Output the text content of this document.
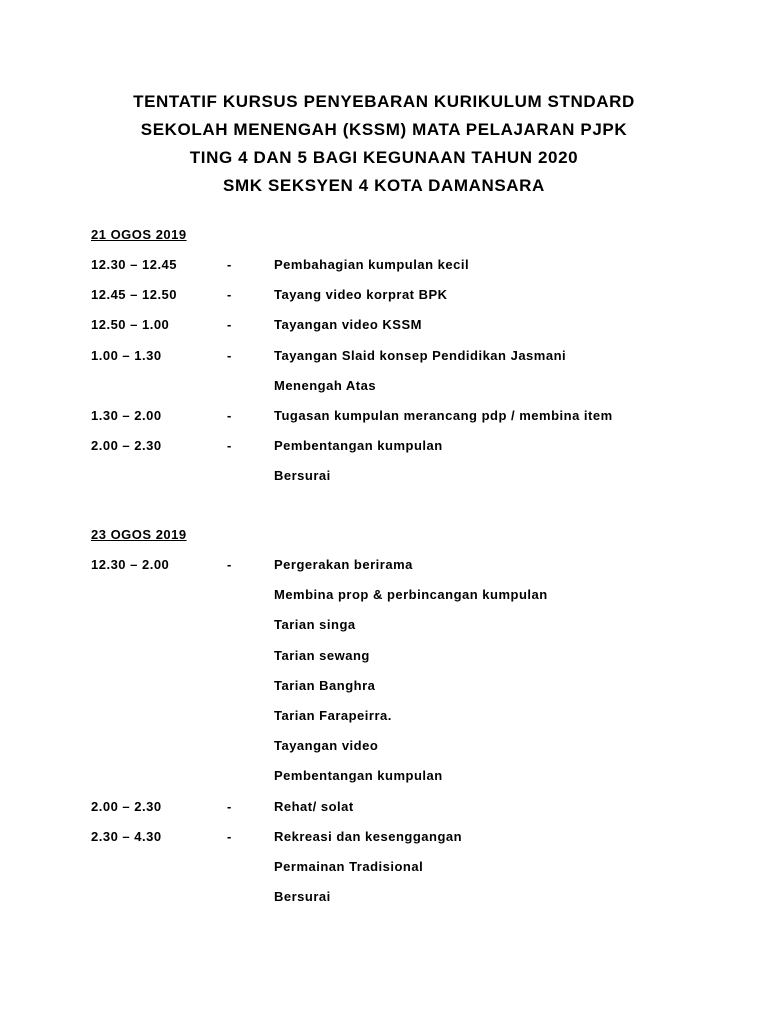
TENTATIF KURSUS PENYEBARAN KURIKULUM STNDARD
SEKOLAH MENENGAH (KSSM) MATA PELAJARAN PJPK
TING 4 DAN 5 BAGI KEGUNAAN TAHUN 2020
SMK SEKSYEN 4 KOTA DAMANSARA
21 OGOS 2019
12.30 – 12.45	-	Pembahagian kumpulan kecil
12.45 – 12.50	-	Tayang video korprat BPK
12.50 – 1.00	-	Tayangan video KSSM
1.00 – 1.30	-	Tayangan Slaid konsep Pendidikan Jasmani
Menengah Atas
1.30 – 2.00	-	Tugasan kumpulan merancang pdp / membina item
2.00 – 2.30	-	Pembentangan kumpulan
Bersurai
23 OGOS 2019
12.30 – 2.00	-	Pergerakan berirama
Membina prop & perbincangan kumpulan
Tarian singa
Tarian sewang
Tarian Banghra
Tarian Farapeirra.
Tayangan video
Pembentangan kumpulan
2.00 – 2.30	-	Rehat/ solat
2.30 – 4.30	-	Rekreasi dan kesenggangan
Permainan Tradisional
Bersurai
